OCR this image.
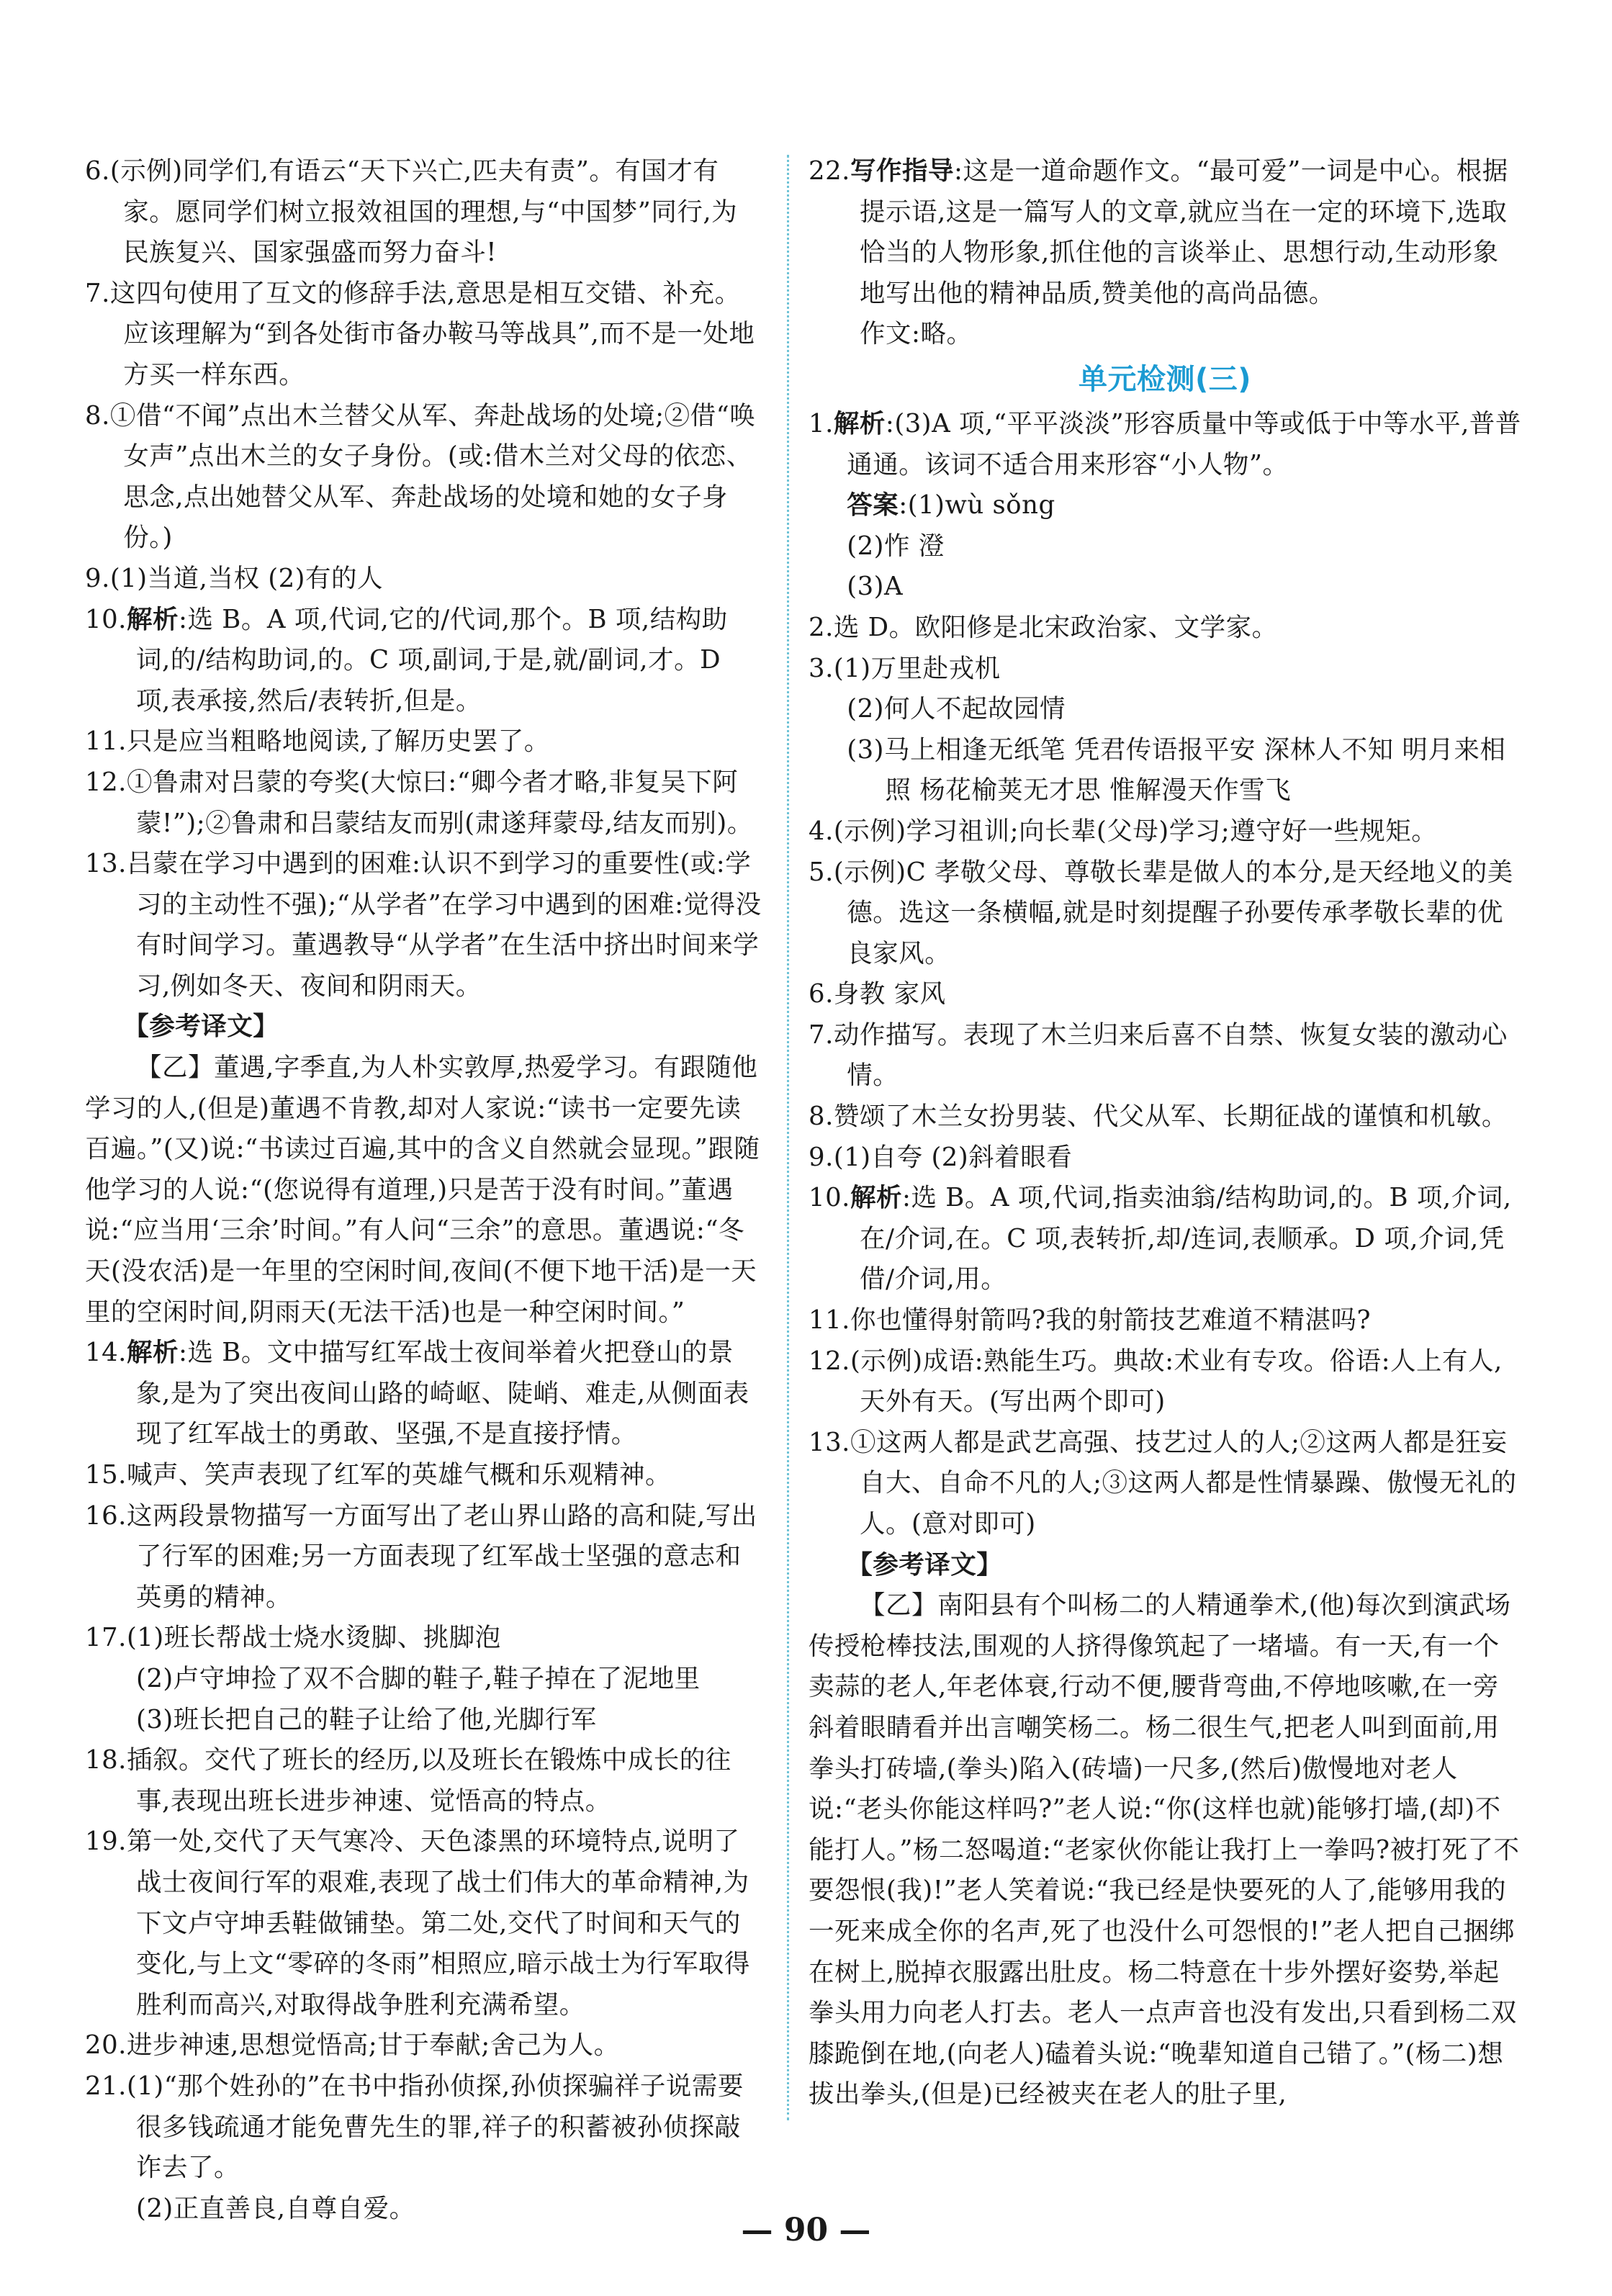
6.(示例)同学们,有语云“天下兴亡,匹夫有责”。有国才有家。愿同学们树立报效祖国的理想,与“中国梦”同行,为民族复兴、国家强盛而努力奋斗!

7.这四句使用了互文的修辞手法,意思是相互交错、补充。应该理解为“到各处街市备办鞍马等战具”,而不是一处地方买一样东西。

8.①借“不闻”点出木兰替父从军、奔赴战场的处境;②借“唤女声”点出木兰的女子身份。(或:借木兰对父母的依恋、思念,点出她替父从军、奔赴战场的处境和她的女子身份。)

9.(1)当道,当权 (2)有的人

10.解析:选 B。A 项,代词,它的/代词,那个。B 项,结构助词,的/结构助词,的。C 项,副词,于是,就/副词,才。D 项,表承接,然后/表转折,但是。

11.只是应当粗略地阅读,了解历史罢了。

12.①鲁肃对吕蒙的夸奖(大惊曰:“卿今者才略,非复吴下阿蒙!”);②鲁肃和吕蒙结友而别(肃遂拜蒙母,结友而别)。

13.吕蒙在学习中遇到的困难:认识不到学习的重要性(或:学习的主动性不强);“从学者”在学习中遇到的困难:觉得没有时间学习。董遇教导“从学者”在生活中挤出时间来学习,例如冬天、夜间和阴雨天。

【参考译文】

【乙】董遇,字季直,为人朴实敦厚,热爱学习。有跟随他学习的人,(但是)董遇不肯教,却对人家说:“读书一定要先读百遍。”(又)说:“书读过百遍,其中的含义自然就会显现。”跟随他学习的人说:“(您说得有道理,)只是苦于没有时间。”董遇说:“应当用‘三余’时间。”有人问“三余”的意思。董遇说:“冬天(没农活)是一年里的空闲时间,夜间(不便下地干活)是一天里的空闲时间,阴雨天(无法干活)也是一种空闲时间。”

14.解析:选 B。文中描写红军战士夜间举着火把登山的景象,是为了突出夜间山路的崎岖、陡峭、难走,从侧面表现了红军战士的勇敢、坚强,不是直接抒情。

15.喊声、笑声表现了红军的英雄气概和乐观精神。

16.这两段景物描写一方面写出了老山界山路的高和陡,写出了行军的困难;另一方面表现了红军战士坚强的意志和英勇的精神。

17.(1)班长帮战士烧水烫脚、挑脚泡

(2)卢守坤捡了双不合脚的鞋子,鞋子掉在了泥地里

(3)班长把自己的鞋子让给了他,光脚行军

18.插叙。交代了班长的经历,以及班长在锻炼中成长的往事,表现出班长进步神速、觉悟高的特点。

19.第一处,交代了天气寒冷、天色漆黑的环境特点,说明了战士夜间行军的艰难,表现了战士们伟大的革命精神,为下文卢守坤丢鞋做铺垫。第二处,交代了时间和天气的变化,与上文“零碎的冬雨”相照应,暗示战士为行军取得胜利而高兴,对取得战争胜利充满希望。

20.进步神速,思想觉悟高;甘于奉献;舍己为人。

21.(1)“那个姓孙的”在书中指孙侦探,孙侦探骗祥子说需要很多钱疏通才能免曹先生的罪,祥子的积蓄被孙侦探敲诈去了。

(2)正直善良,自尊自爱。

22.写作指导:这是一道命题作文。“最可爱”一词是中心。根据提示语,这是一篇写人的文章,就应当在一定的环境下,选取恰当的人物形象,抓住他的言谈举止、思想行动,生动形象地写出他的精神品质,赞美他的高尚品德。

作文:略。

单元检测(三)

1.解析:(3)A 项,“平平淡淡”形容质量中等或低于中等水平,普普通通。该词不适合用来形容“小人物”。

答案:(1)wù sǒng

(2)怍 澄

(3)A

2.选 D。欧阳修是北宋政治家、文学家。

3.(1)万里赴戎机

(2)何人不起故园情

(3)马上相逢无纸笔 凭君传语报平安 深林人不知 明月来相照 杨花榆荚无才思 惟解漫天作雪飞

4.(示例)学习祖训;向长辈(父母)学习;遵守好一些规矩。

5.(示例)C 孝敬父母、尊敬长辈是做人的本分,是天经地义的美德。选这一条横幅,就是时刻提醒子孙要传承孝敬长辈的优良家风。

6.身教 家风

7.动作描写。表现了木兰归来后喜不自禁、恢复女装的激动心情。

8.赞颂了木兰女扮男装、代父从军、长期征战的谨慎和机敏。

9.(1)自夸 (2)斜着眼看

10.解析:选 B。A 项,代词,指卖油翁/结构助词,的。B 项,介词,在/介词,在。C 项,表转折,却/连词,表顺承。D 项,介词,凭借/介词,用。

11.你也懂得射箭吗?我的射箭技艺难道不精湛吗?

12.(示例)成语:熟能生巧。典故:术业有专攻。俗语:人上有人,天外有天。(写出两个即可)

13.①这两人都是武艺高强、技艺过人的人;②这两人都是狂妄自大、自命不凡的人;③这两人都是性情暴躁、傲慢无礼的人。(意对即可)

【参考译文】

【乙】南阳县有个叫杨二的人精通拳术,(他)每次到演武场传授枪棒技法,围观的人挤得像筑起了一堵墙。有一天,有一个卖蒜的老人,年老体衰,行动不便,腰背弯曲,不停地咳嗽,在一旁斜着眼睛看并出言嘲笑杨二。杨二很生气,把老人叫到面前,用拳头打砖墙,(拳头)陷入(砖墙)一尺多,(然后)傲慢地对老人说:“老头你能这样吗?”老人说:“你(这样也就)能够打墙,(却)不能打人。”杨二怒喝道:“老家伙你能让我打上一拳吗?被打死了不要怨恨(我)!”老人笑着说:“我已经是快要死的人了,能够用我的一死来成全你的名声,死了也没什么可怨恨的!”老人把自己捆绑在树上,脱掉衣服露出肚皮。杨二特意在十步外摆好姿势,举起拳头用力向老人打去。老人一点声音也没有发出,只看到杨二双膝跪倒在地,(向老人)磕着头说:“晚辈知道自己错了。”(杨二)想拔出拳头,(但是)已经被夹在老人的肚子里,

— 90 —
